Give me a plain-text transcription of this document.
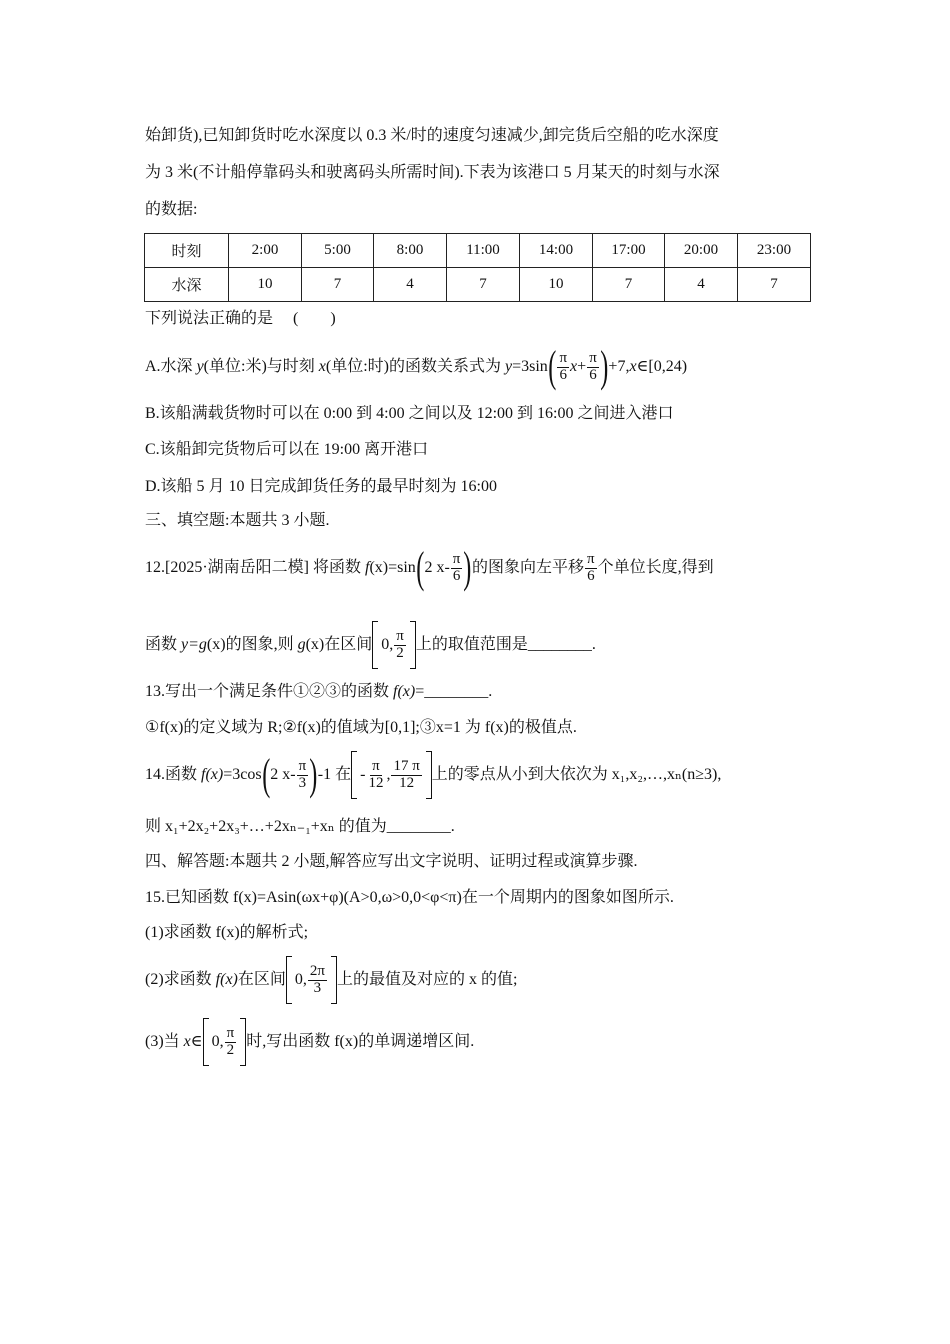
始卸货),已知卸货时吃水深度以 0.3 米/时的速度匀速减少,卸完货后空船的吃水深度
为 3 米(不计船停靠码头和驶离码头所需时间).下表为该港口 5 月某天的时刻与水深
的数据:
时刻	2:00	5:00	8:00	11:00	14:00	17:00	20:00	23:00
水深	10	7	4	7	10	7	4	7
下列说法正确的是　 (　　)
A.水深 y(单位:米)与时刻 x(单位:时)的函数关系式为 $y=3\sin( \frac{\pi}{6} x+ \frac{\pi}{6}$ )+7,x∈[0,24)
B.该船满载货物时可以在 0:00 到 4:00 之间以及 12:00 到 16:00 之间进入港口
C.该船卸完货物后可以在 19:00 离开港口
D.该船 5 月 10 日完成卸货任务的最早时刻为 16:00
三、填空题:本题共 3 小题.
12.[2025·湖南岳阳二模] 将函数 f(x)=sin(2 $x- \frac{\pi}{6}$ )的图象向左平移 $\frac{\pi}{6}$ 个单位长度,得到
函数 y=g(x)的图象,则 g(x)在区间 0, $\frac{\pi}{2}$ 上的取值范围是________.
13.写出一个满足条件①②③的函数 f(x)=________.
①f(x)的定义域为 R;②f(x)的值域为[0,1];③x=1 为 f(x)的极值点.
14.函数 f(x)=3cos(2 $x- \frac{\pi}{3} )-1$ 在 - $\frac{\pi}{12}$ , $\frac{17 \pi}{12}$ 上的零点从小到大依次为 x₁,x₂,…,xₙ(n≥3),
则 x₁+2x₂+2x₃+…+2xₙ₋₁+xₙ 的值为________.
四、解答题:本题共 2 小题,解答应写出文字说明、证明过程或演算步骤.
15.已知函数 f(x)=Asin(ωx+φ)(A>0,ω>0,0<φ<π)在一个周期内的图象如图所示.
(1)求函数 f(x)的解析式;
(2)求函数 f(x)在区间 0, $\frac{2\pi}{3}$ 上的最值及对应的 x 的值;
(3)当 x∈ 0, $\frac{\pi}{2}$ 时,写出函数 f(x)的单调递增区间.
